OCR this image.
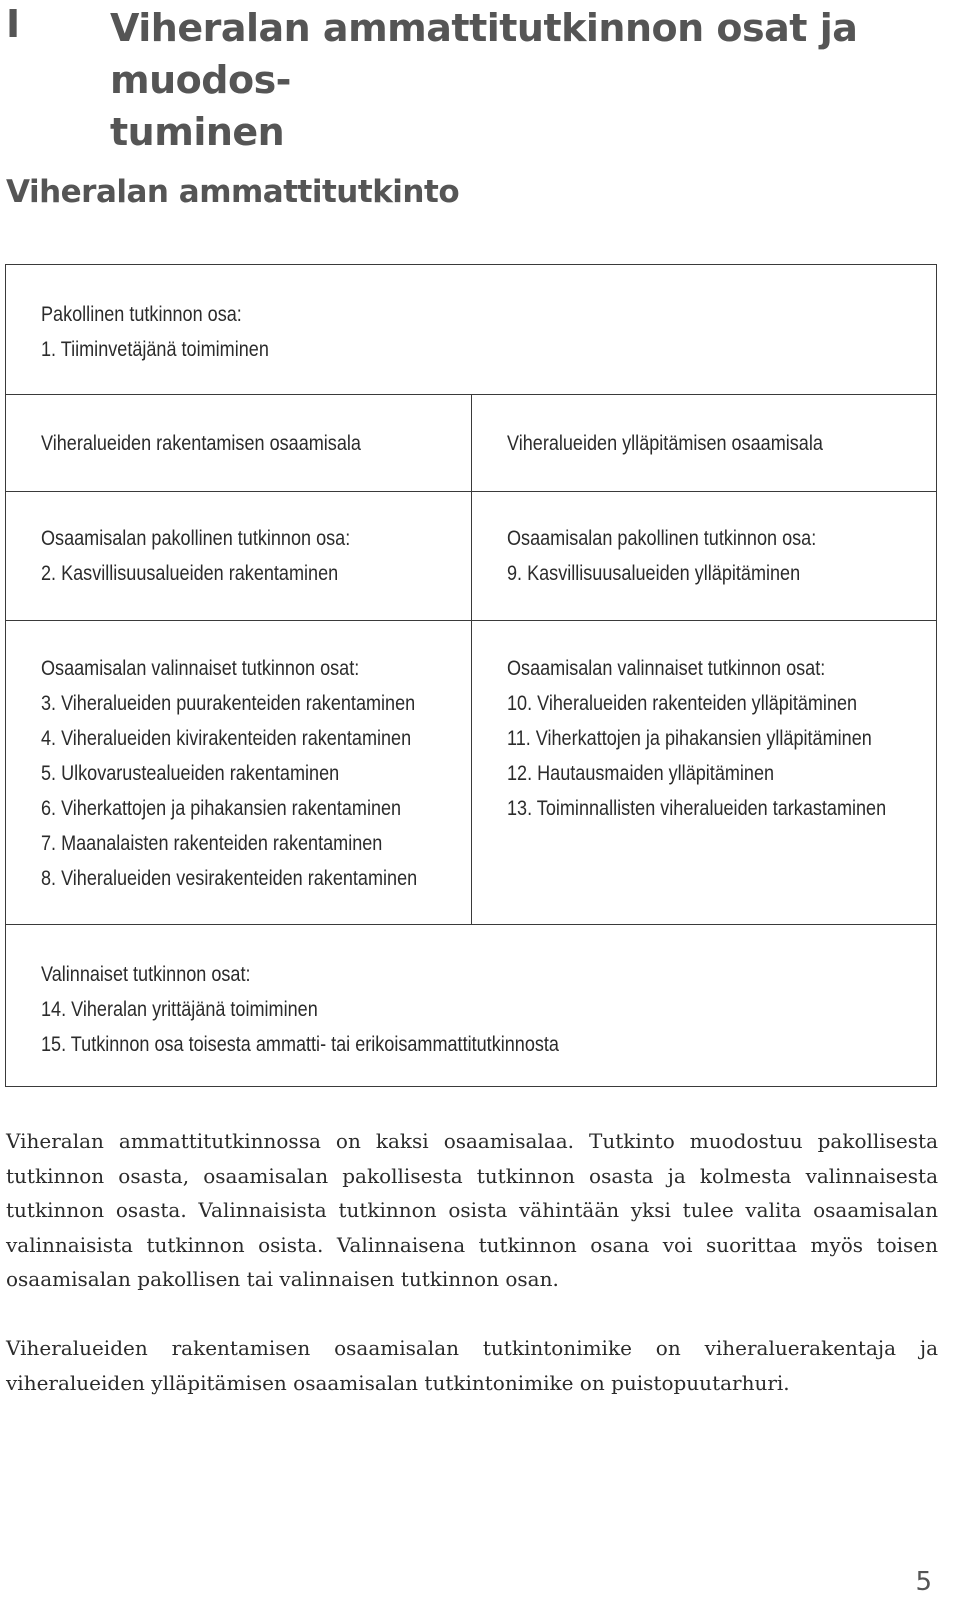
I Viheralan ammattitutkinnon osat ja muodos-
tuminen
Viheralan ammattitutkinto
Pakollinen tutkinnon osa:
1. Tiiminvetäjänä toimiminen
Viheralueiden rakentamisen osaamisala	Viheralueiden ylläpitämisen osaamisala
Osaamisalan pakollinen tutkinnon osa:
2. Kasvillisuusalueiden rakentaminen
Osaamisalan pakollinen tutkinnon osa:
9. Kasvillisuusalueiden ylläpitäminen
Osaamisalan valinnaiset tutkinnon osat:
3. Viheralueiden puurakenteiden rakentaminen
4. Viheralueiden kivirakenteiden rakentaminen
5. Ulkovarustealueiden rakentaminen
6. Viherkattojen ja pihakansien rakentaminen
7. Maanalaisten rakenteiden rakentaminen
8. Viheralueiden vesirakenteiden rakentaminen
Osaamisalan valinnaiset tutkinnon osat:
10. Viheralueiden rakenteiden ylläpitäminen
11. Viherkattojen ja pihakansien ylläpitäminen
12. Hautausmaiden ylläpitäminen
13. Toiminnallisten viheralueiden tarkastaminen
Valinnaiset tutkinnon osat:
14. Viheralan yrittäjänä toimiminen
15. Tutkinnon osa toisesta ammatti- tai erikoisammattitutkinnosta
Viheralan ammattitutkinnossa on kaksi osaamisalaa. Tutkinto muodostuu pakollisesta tutkinnon osasta, osaamisalan pakollisesta tutkinnon osasta ja kolmesta valinnaisesta tutkinnon osasta. Valinnaisista tutkinnon osista vähintään yksi tulee valita osaamisalan valinnaisista tutkinnon osista. Valinnaisena tutkinnon osana voi suorittaa myös toisen osaamisalan pakollisen tai valinnaisen tutkinnon osan.
Viheralueiden rakentamisen osaamisalan tutkintonimike on viheraluerakentaja ja viheralueiden ylläpitämisen osaamisalan tutkintonimike on puistopuutarhuri.
5
